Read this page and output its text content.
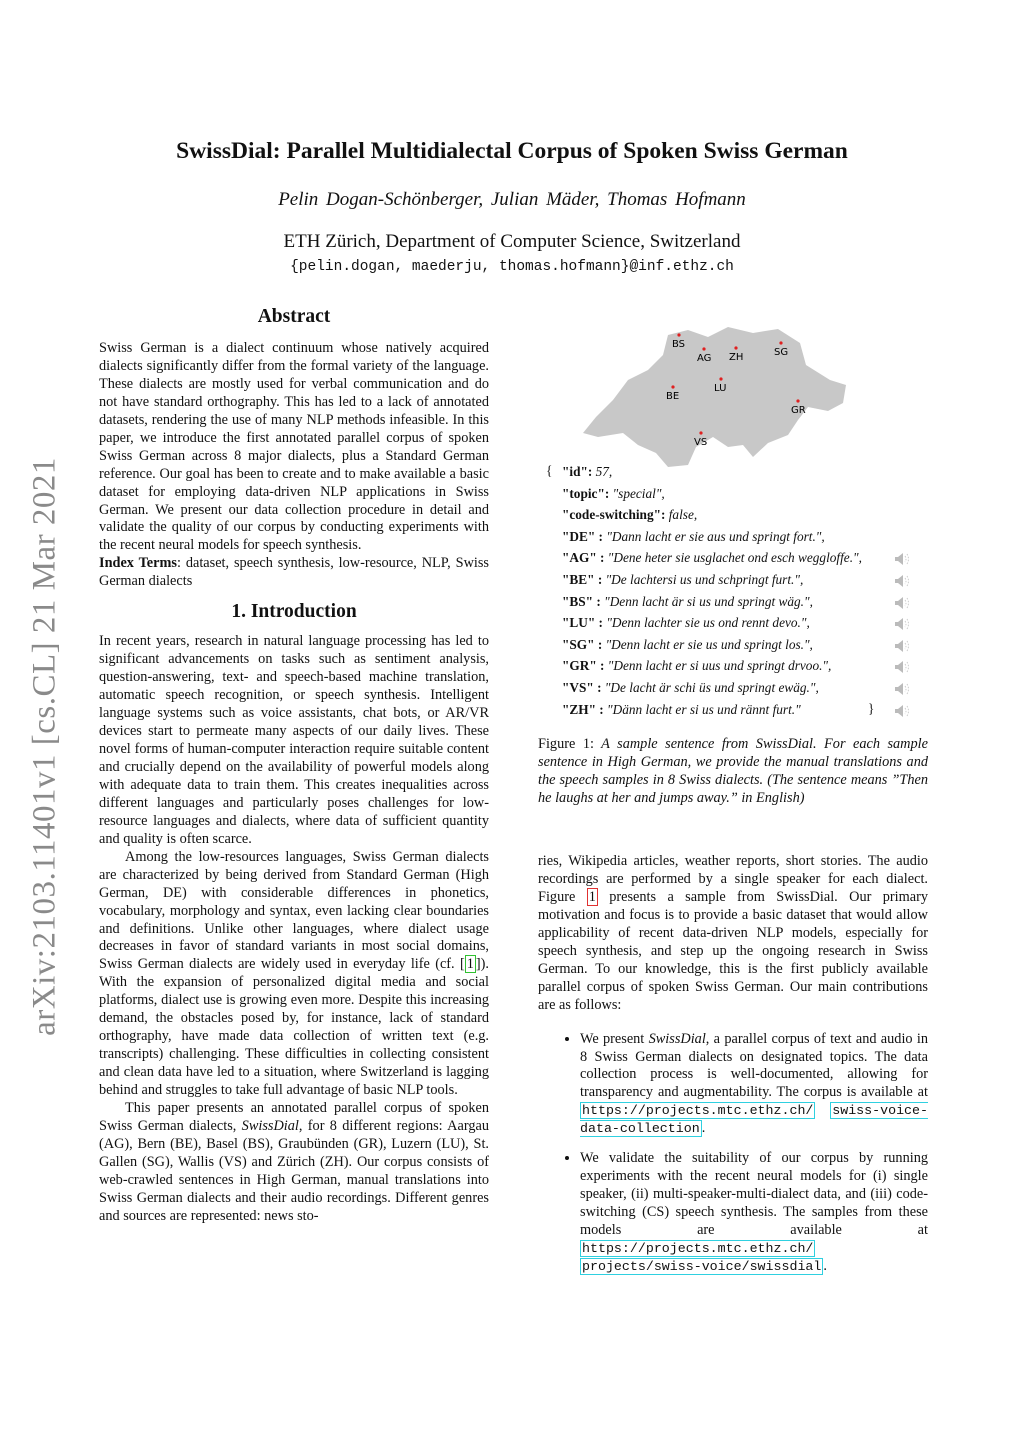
SwissDial: Parallel Multidialectal Corpus of Spoken Swiss German
Pelin Dogan-Schönberger, Julian Mäder, Thomas Hofmann
ETH Zürich, Department of Computer Science, Switzerland
{pelin.dogan, maederju, thomas.hofmann}@inf.ethz.ch
arXiv:2103.11401v1 [cs.CL] 21 Mar 2021
Abstract

Swiss German is a dialect continuum whose natively acquired dialects significantly differ from the formal variety of the language. These dialects are mostly used for verbal communication and do not have standard orthography. This has led to a lack of annotated datasets, rendering the use of many NLP methods infeasible. In this paper, we introduce the first annotated parallel corpus of spoken Swiss German across 8 major dialects, plus a Standard German reference. Our goal has been to create and to make available a basic dataset for employing data-driven NLP applications in Swiss German. We present our data collection procedure in detail and validate the quality of our corpus by conducting experiments with the recent neural models for speech synthesis.

Index Terms: dataset, speech synthesis, low-resource, NLP, Swiss German dialects

1. Introduction

In recent years, research in natural language processing has led to significant advancements on tasks such as sentiment analysis, question-answering, text- and speech-based machine translation, automatic speech recognition, or speech synthesis. Intelligent language systems such as voice assistants, chat bots, or AR/VR devices start to permeate many aspects of our daily lives. These novel forms of human-computer interaction require suitable content and crucially depend on the availability of powerful models along with adequate data to train them. This creates inequalities across different languages and particularly poses challenges for low-resource languages and dialects, where data of sufficient quantity and quality is often scarce.

Among the low-resources languages, Swiss German dialects are characterized by being derived from Standard German (High German, DE) with considerable differences in phonetics, vocabulary, morphology and syntax, even lacking clear boundaries and definitions. Unlike other languages, where dialect usage decreases in favor of standard variants in most social domains, Swiss German dialects are widely used in everyday life (cf. [ 1 ]). With the expansion of personalized digital media and social platforms, dialect use is growing even more. Despite this increasing demand, the obstacles posed by, for instance, lack of standard orthography, have made data collection of written text (e.g. transcripts) challenging. These difficulties in collecting consistent and clean data have led to a situation, where Switzerland is lagging behind and struggles to take full advantage of basic NLP tools.

This paper presents an annotated parallel corpus of spoken Swiss German dialects, SwissDial, for 8 different regions: Aargau (AG), Bern (BE), Basel (BS), Graubünden (GR), Luzern (LU), St. Gallen (SG), Wallis (VS) and Zürich (ZH). Our corpus consists of web-crawled sentences in High German, manual translations into Swiss German dialects and their audio recordings. Different genres and sources are represented: news sto-

BS
AG ZH	SG
BE
LU
GR
VS
{
}
"id": 57,
"topic": "special",
"code-switching": false,
"DE" : "Dann lacht er sie aus und springt fort.",
"AG" : "Dene heter sie usglachet ond esch weggloffe.",
"BE" : "De lachtersi us und schpringt furt.",
"BS" : "Denn lacht är si us und springt wäg.",
"LU" : "Denn lachter sie us ond rennt devo.",
"SG" : "Denn lacht er sie us und springt los.",
"GR" : "Denn lacht er si uus und springt drvoo.",
"VS" : "De lacht är schi üs und springt ewäg.",
"ZH" : "Dänn lacht er si us und rännt furt."
Figure 1: A sample sentence from SwissDial. For each sample sentence in High German, we provide the manual translations and the speech samples in 8 Swiss dialects. (The sentence means ”Then he laughs at her and jumps away.” in English)

ries, Wikipedia articles, weather reports, short stories. The audio recordings are performed by a single speaker for each dialect. Figure 1 presents a sample from SwissDial. Our primary motivation and focus is to provide a basic dataset that would allow applicability of recent data-driven NLP models, especially for speech synthesis, and step up the ongoing research in Swiss German. To our knowledge, this is the first publicly available parallel corpus of spoken Swiss German. Our main contributions are as follows:

• We present SwissDial, a parallel corpus of text and audio in 8 Swiss German dialects on designated topics. The data collection process is well-documented, allowing for transparency and augmentability. The corpus is available at https://projects.mtc.ethz.ch/ swiss-voice-data-collection .
• We validate the suitability of our corpus by running experiments with the recent neural models for (i) single speaker, (ii) multi-speaker-multi-dialect data, and (iii) code-switching (CS) speech synthesis. The samples from these models are available at https://projects.mtc.ethz.ch/ projects/swiss-voice/swissdial .
